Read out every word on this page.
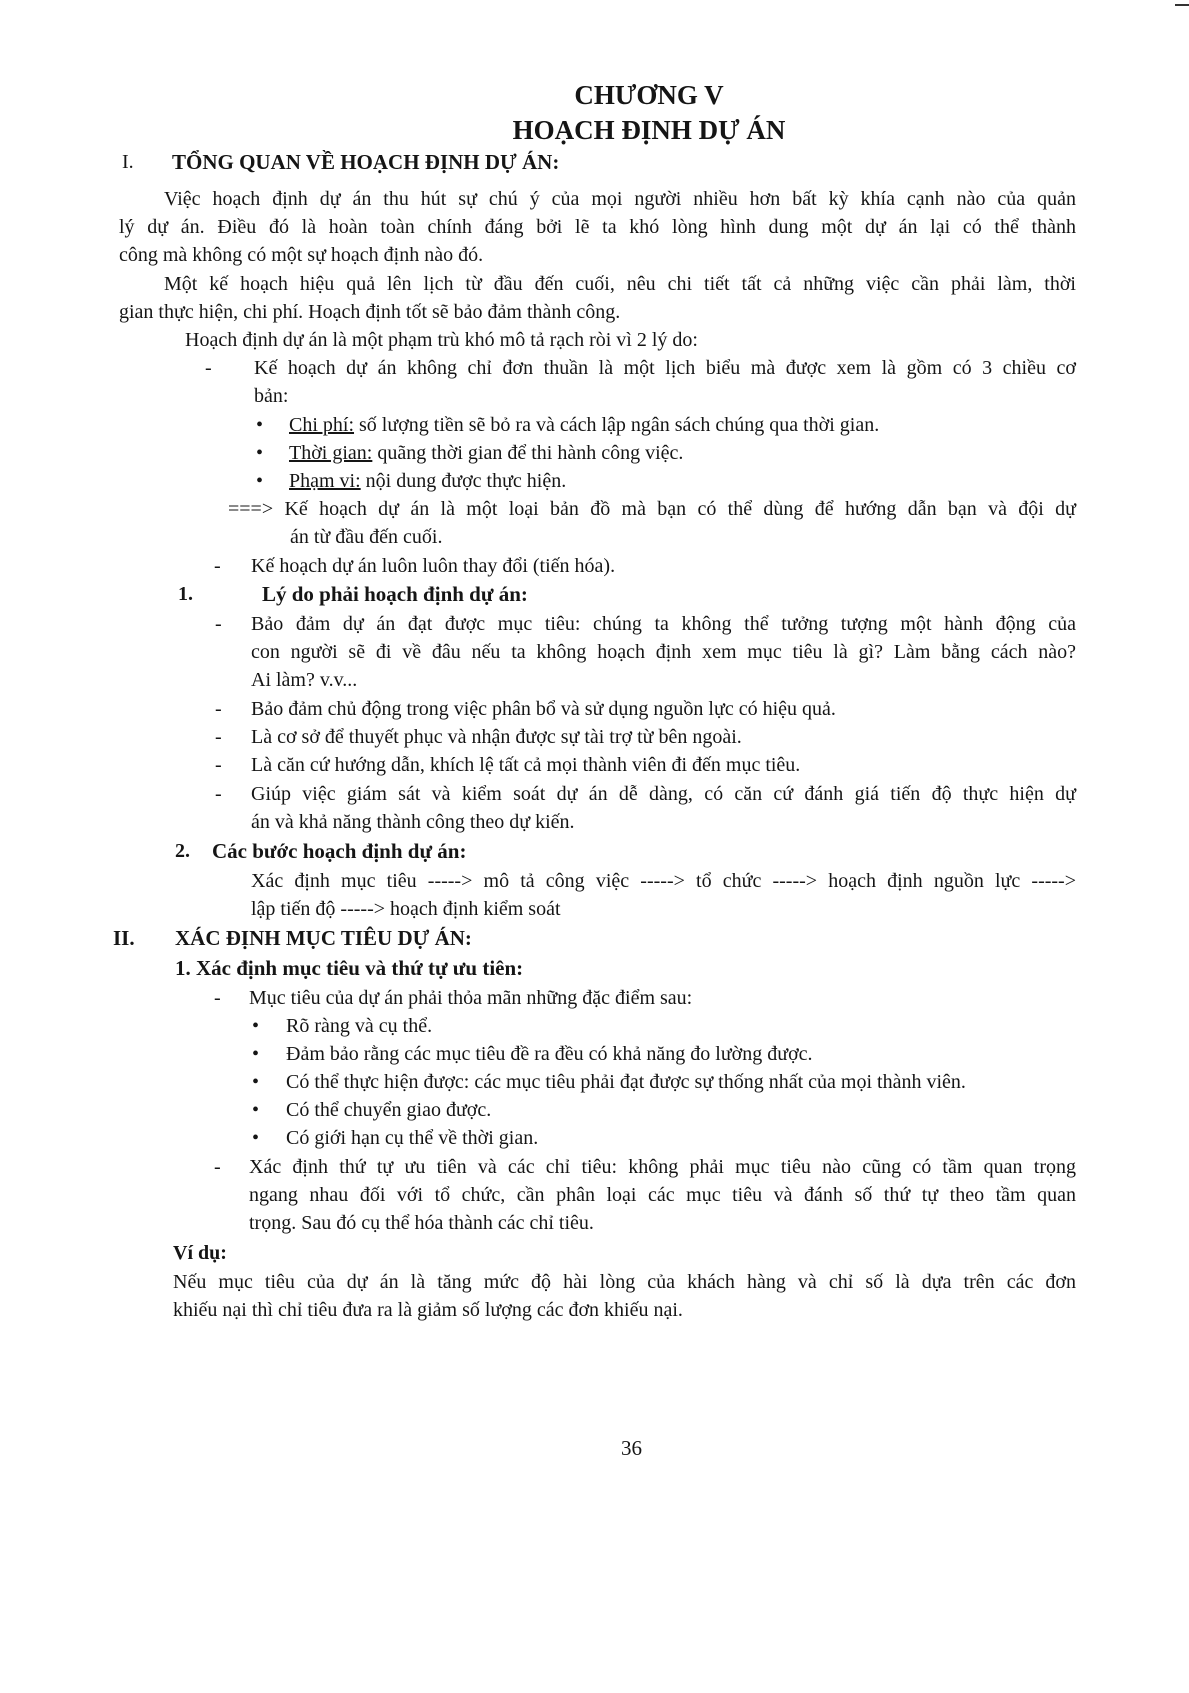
CHƯƠNG V
HOẠCH ĐỊNH DỰ ÁN
I. TỔNG QUAN VỀ HOẠCH ĐỊNH DỰ ÁN:
Việc hoạch định dự án thu hút sự chú ý của mọi người nhiều hơn bất kỳ khía cạnh nào của quản
lý dự án. Điều đó là hoàn toàn chính đáng bởi lẽ ta khó lòng hình dung một dự án lại có thể thành
công mà không có một sự hoạch định nào đó.
Một kế hoạch hiệu quả lên lịch từ đầu đến cuối, nêu chi tiết tất cả những việc cần phải làm, thời
gian thực hiện, chi phí. Hoạch định tốt sẽ bảo đảm thành công.
Hoạch định dự án là một phạm trù khó mô tả rạch ròi vì 2 lý do:
- Kế hoạch dự án không chỉ đơn thuần là một lịch biểu mà được xem là gồm có 3 chiều cơ
bản:
• Chi phí: số lượng tiền sẽ bỏ ra và cách lập ngân sách chúng qua thời gian.
• Thời gian: quãng thời gian để thi hành công việc.
• Phạm vi: nội dung được thực hiện.
===> Kế hoạch dự án là một loại bản đồ mà bạn có thể dùng để hướng dẫn bạn và đội dự
án từ đầu đến cuối.
- Kế hoạch dự án luôn luôn thay đổi (tiến hóa).
1.	Lý do phải hoạch định dự án:
- Bảo đảm dự án đạt được mục tiêu: chúng ta không thể tưởng tượng một hành động của
con người sẽ đi về đâu nếu ta không hoạch định xem mục tiêu là gì? Làm bằng cách nào?
Ai làm? v.v...
- Bảo đảm chủ động trong việc phân bổ và sử dụng nguồn lực có hiệu quả.
- Là cơ sở để thuyết phục và nhận được sự tài trợ từ bên ngoài.
- Là căn cứ hướng dẫn, khích lệ tất cả mọi thành viên đi đến mục tiêu.
- Giúp việc giám sát và kiểm soát dự án dễ dàng, có căn cứ đánh giá tiến độ thực hiện dự
án và khả năng thành công theo dự kiến.
2. Các bước hoạch định dự án:
Xác định mục tiêu -----> mô tả công việc -----> tổ chức -----> hoạch định nguồn lực ----->
lập tiến độ -----> hoạch định kiểm soát
II. XÁC ĐỊNH MỤC TIÊU DỰ ÁN:
1. Xác định mục tiêu và thứ tự ưu tiên:
- Mục tiêu của dự án phải thỏa mãn những đặc điểm sau:
• Rõ ràng và cụ thể.
• Đảm bảo rằng các mục tiêu đề ra đều có khả năng đo lường được.
• Có thể thực hiện được: các mục tiêu phải đạt được sự thống nhất của mọi thành viên.
• Có thể chuyển giao được.
• Có giới hạn cụ thể về thời gian.
- Xác định thứ tự ưu tiên và các chỉ tiêu: không phải mục tiêu nào cũng có tầm quan trọng
ngang nhau đối với tổ chức, cần phân loại các mục tiêu và đánh số thứ tự theo tầm quan
trọng. Sau đó cụ thể hóa thành các chỉ tiêu.
Ví dụ:
Nếu mục tiêu của dự án là tăng mức độ hài lòng của khách hàng và chỉ số là dựa trên các đơn
khiếu nại thì chỉ tiêu đưa ra là giảm số lượng các đơn khiếu nại.
36
